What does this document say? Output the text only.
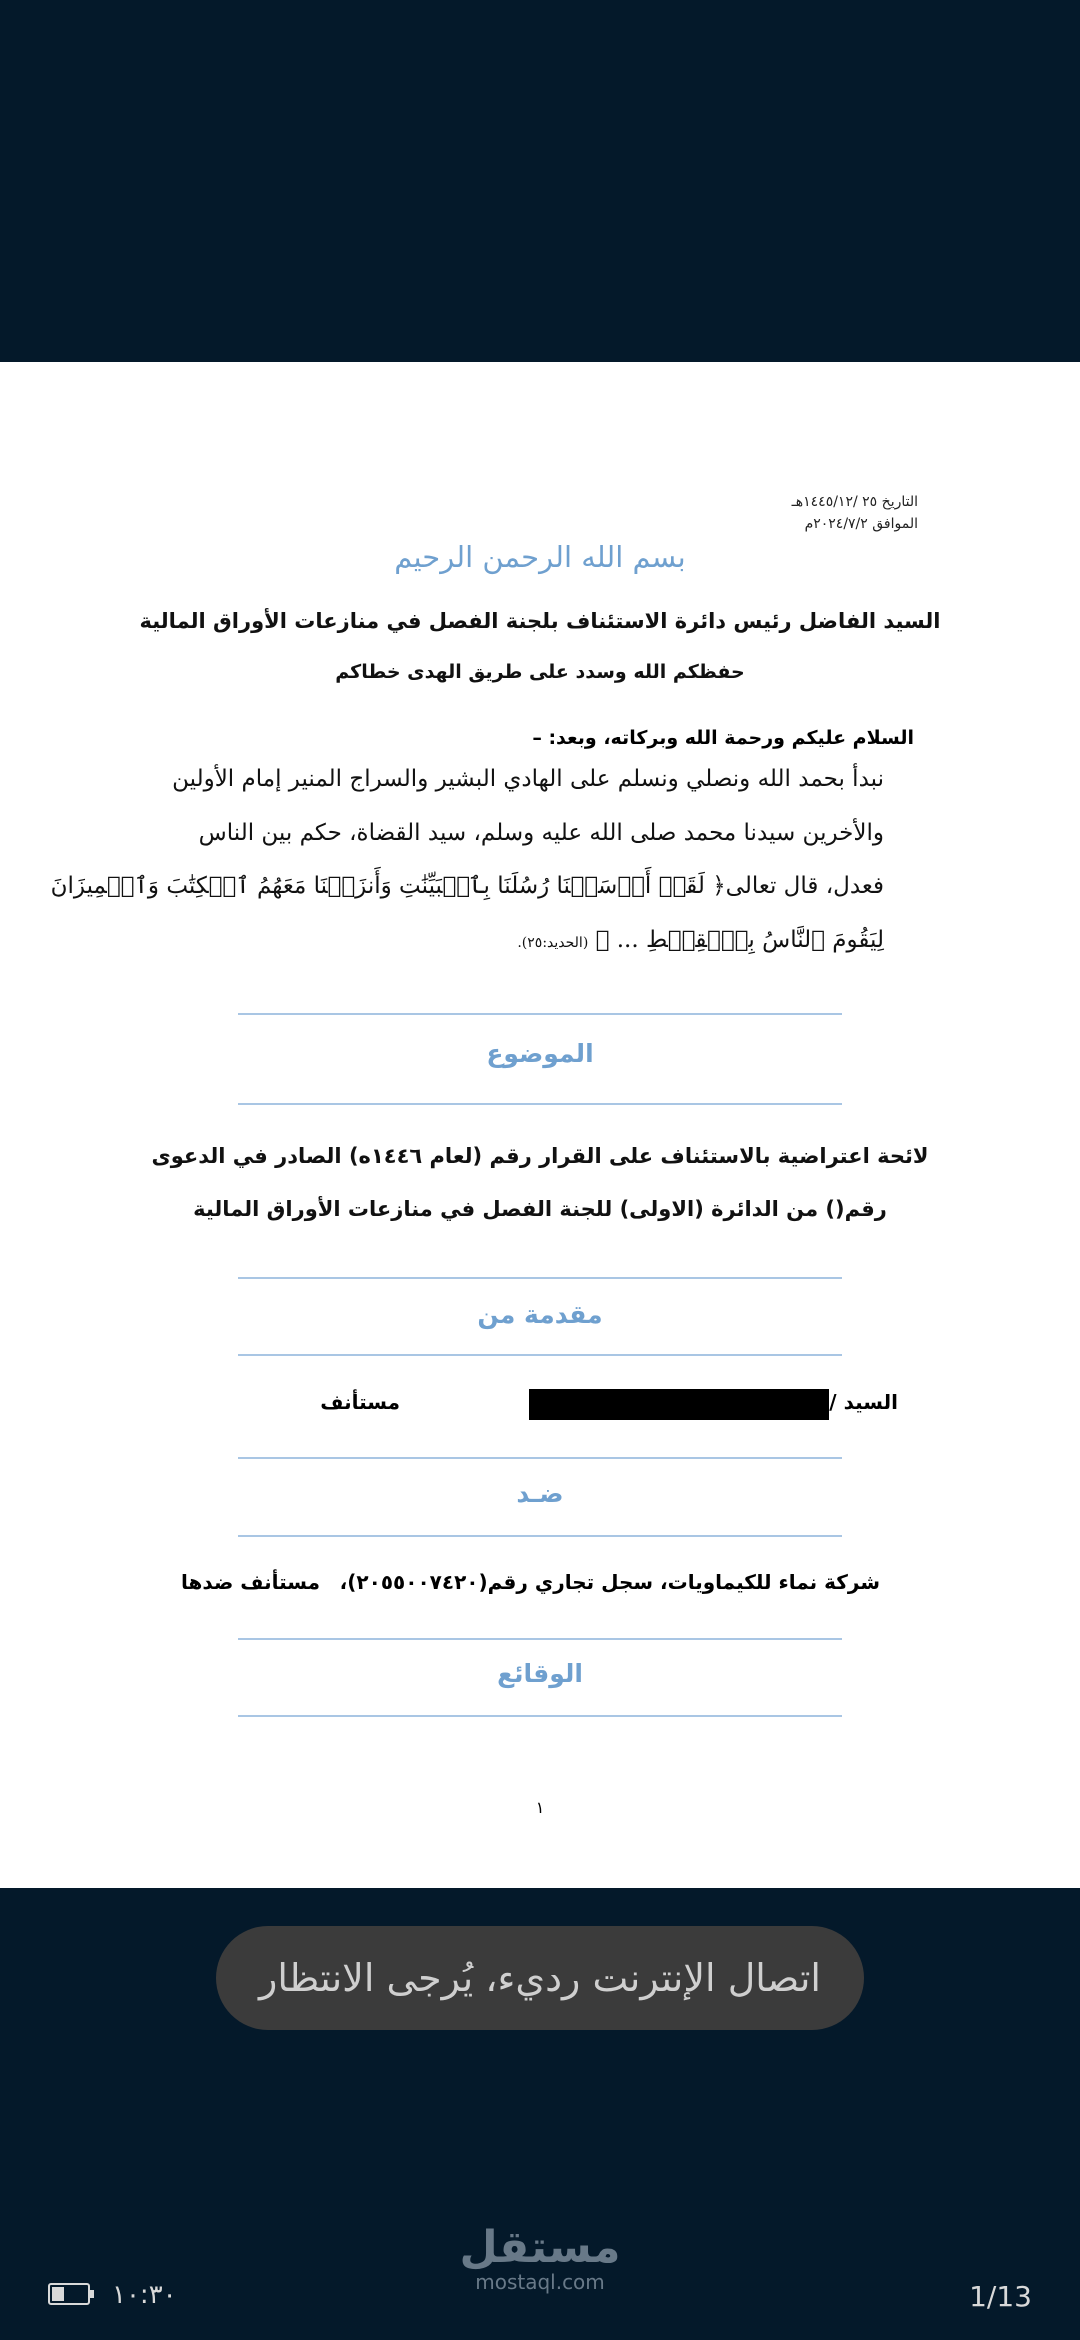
التاريخ ٢٥ /١٤٤٥/١٢هـ
الموافق ٢٠٢٤/٧/٢م
بسم الله الرحمن الرحيم
السيد الفاضل رئيس دائرة الاستئناف بلجنة الفصل في منازعات الأوراق المالية
حفظكم الله وسدد على طريق الهدى خطاكم
السلام عليكم ورحمة الله وبركاته، وبعد: –
نبدأ بحمد الله ونصلي ونسلم على الهادي البشير والسراج المنير إمام الأولين
والأخرين سيدنا محمد صلى الله عليه وسلم، سيد القضاة، حكم بين الناس
فعدل، قال تعالى﴿ لَقَدۡ أَرۡسَلۡنَا رُسُلَنَا بِٱلۡبَيِّنَٰتِ وَأَنزَلۡنَا مَعَهُمُ ٱلۡكِتَٰبَ وَٱلۡمِيزَانَ
لِيَقُومَ ٱلنَّاسُ بِٱلۡقِسۡطِ ... ﴾ (الحديد:٢٥).
الموضوع
لائحة اعتراضية بالاستئناف على القرار رقم (لعام ١٤٤٦ه) الصادر في الدعوى
رقم() من الدائرة (الاولى) للجنة الفصل في منازعات الأوراق المالية
مقدمة من
السيد /
مستأنف
ضـد
شركة نماء للكيماويات، سجل تجاري رقم(٢٠٥٥٠٠٧٤٢٠)،
مستأنف ضدها
الوقائع
١
اتصال الإنترنت رديء، يُرجى الانتظار
مستقل
mostaql.com
١٠:٣٠	1/13
